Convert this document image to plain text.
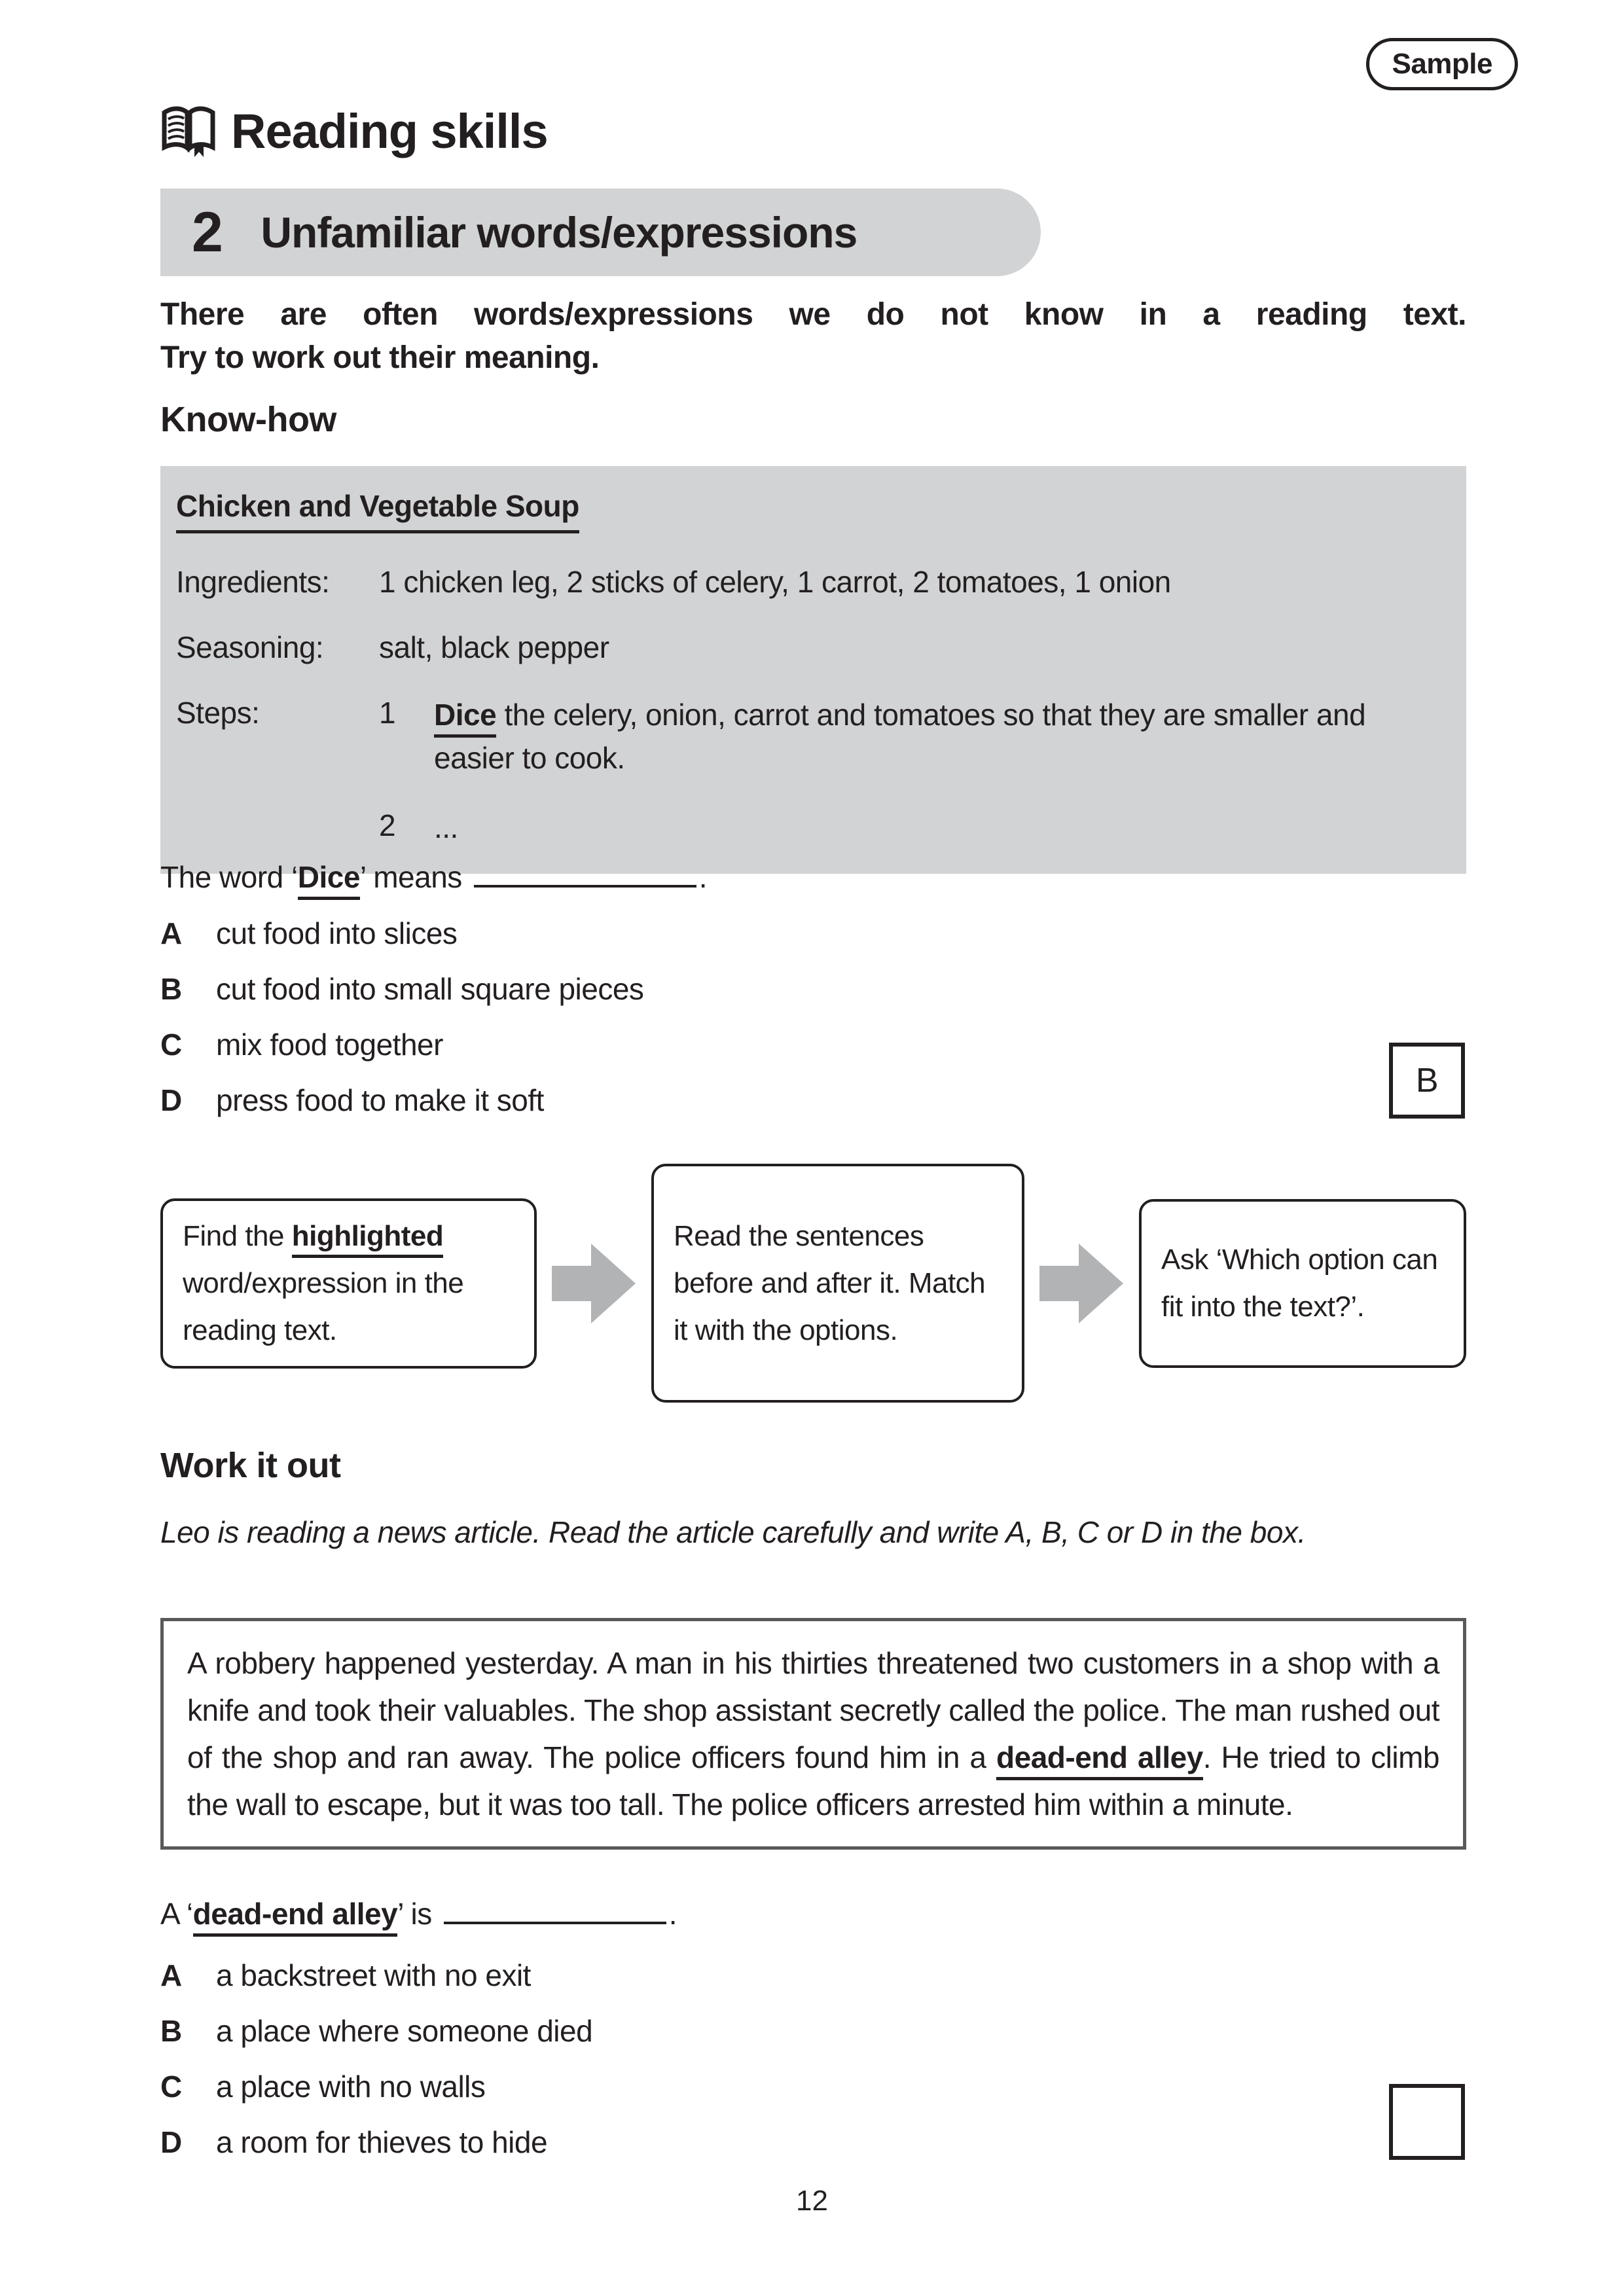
Sample
Reading skills
2 Unfamiliar words/expressions
There are often words/expressions we do not know in a reading text.
Try to work out their meaning.
Know-how
Chicken and Vegetable Soup
Ingredients:	1 chicken leg, 2 sticks of celery, 1 carrot, 2 tomatoes, 1 onion
Seasoning:	salt, black pepper
Steps:	1	Dice the celery, onion, carrot and tomatoes so that they are smaller and easier to cook.
2	...
The word ‘Dice’ means	.
A	cut food into slices
B	cut food into small square pieces
C	mix food together
D	press food to make it soft
B
Find the highlighted word/expression in the reading text.
Read the sentences before and after it. Match it with the options.
Ask ‘Which option can fit into the text?’.
Work it out
Leo is reading a news article. Read the article carefully and write A, B, C or D in the box.
A robbery happened yesterday. A man in his thirties threatened two customers in a shop with a knife and took their valuables. The shop assistant secretly called the police. The man rushed out of the shop and ran away. The police officers found him in a dead-end alley. He tried to climb the wall to escape, but it was too tall. The police officers arrested him within a minute.
A ‘dead-end alley’ is	.
A	a backstreet with no exit
B	a place where someone died
C	a place with no walls
D	a room for thieves to hide
12
